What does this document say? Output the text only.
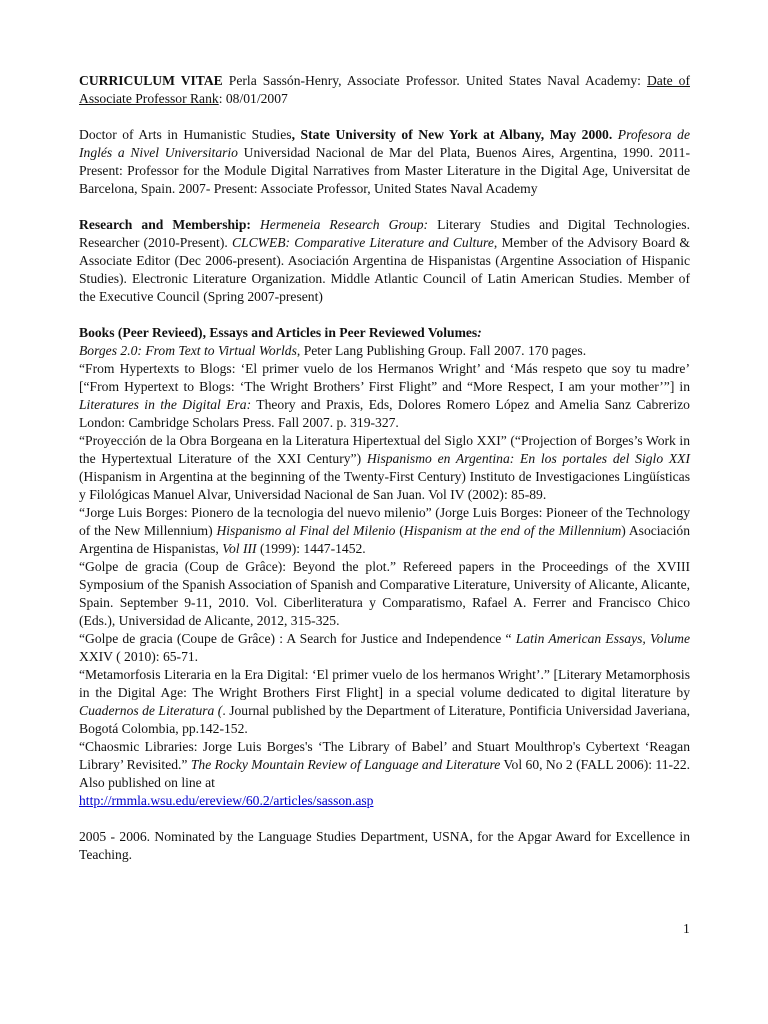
CURRICULUM VITAE Perla Sassón-Henry, Associate Professor. United States Naval Academy: Date of Associate Professor Rank: 08/01/2007

Doctor of Arts in Humanistic Studies, State University of New York at Albany, May 2000. Profesora de Inglés a Nivel Universitario Universidad Nacional de Mar del Plata, Buenos Aires, Argentina, 1990. 2011-Present: Professor for the Module Digital Narratives from Master Literature in the Digital Age, Universitat de Barcelona, Spain. 2007- Present: Associate Professor, United States Naval Academy

Research and Membership: Hermeneia Research Group: Literary Studies and Digital Technologies. Researcher (2010-Present). CLCWEB: Comparative Literature and Culture, Member of the Advisory Board & Associate Editor (Dec 2006-present). Asociación Argentina de Hispanistas (Argentine Association of Hispanic Studies). Electronic Literature Organization. Middle Atlantic Council of Latin American Studies. Member of the Executive Council (Spring 2007-present)

Books (Peer Revieed), Essays and Articles in Peer Reviewed Volumes:

Borges 2.0: From Text to Virtual Worlds, Peter Lang Publishing Group. Fall 2007. 170 pages.

“From Hypertexts to Blogs: ‘El primer vuelo de los Hermanos Wright’ and ‘Más respeto que soy tu madre’ [“From Hypertext to Blogs: ‘The Wright Brothers’ First Flight” and “More Respect, I am your mother’”] in Literatures in the Digital Era: Theory and Praxis, Eds, Dolores Romero López and Amelia Sanz Cabrerizo London: Cambridge Scholars Press. Fall 2007. p. 319-327.

“Proyección de la Obra Borgeana en la Literatura Hipertextual del Siglo XXI” (“Projection of Borges’s Work in the Hypertextual Literature of the XXI Century”) Hispanismo en Argentina: En los portales del Siglo XXI (Hispanism in Argentina at the beginning of the Twenty-First Century) Instituto de Investigaciones Lingüísticas y Filológicas Manuel Alvar, Universidad Nacional de San Juan. Vol IV (2002): 85-89.

“Jorge Luis Borges: Pionero de la tecnologia del nuevo milenio” (Jorge Luis Borges: Pioneer of the Technology of the New Millennium) Hispanismo al Final del Milenio (Hispanism at the end of the Millennium) Asociación Argentina de Hispanistas, Vol III (1999): 1447-1452.

“Golpe de gracia (Coup de Grâce): Beyond the plot.” Refereed papers in the Proceedings of the XVIII Symposium of the Spanish Association of Spanish and Comparative Literature, University of Alicante, Alicante, Spain. September 9-11, 2010. Vol. Ciberliteratura y Comparatismo, Rafael A. Ferrer and Francisco Chico (Eds.), Universidad de Alicante, 2012, 315-325.

“Golpe de gracia (Coupe de Grâce) : A Search for Justice and Independence “ Latin American Essays, Volume XXIV ( 2010): 65-71.

“Metamorfosis Literaria en la Era Digital: ‘El primer vuelo de los hermanos Wright’.” [Literary Metamorphosis in the Digital Age: The Wright Brothers First Flight] in a special volume dedicated to digital literature by Cuadernos de Literatura (. Journal published by the Department of Literature, Pontificia Universidad Javeriana, Bogotá Colombia, pp.142-152.

“Chaosmic Libraries: Jorge Luis Borges's ‘The Library of Babel’ and Stuart Moulthrop's Cybertext ‘Reagan Library’ Revisited.” The Rocky Mountain Review of Language and Literature Vol 60, No 2 (FALL 2006): 11-22. Also published on line at

http://rmmla.wsu.edu/ereview/60.2/articles/sasson.asp

2005 - 2006. Nominated by the Language Studies Department, USNA, for the Apgar Award for Excellence in Teaching.

1
